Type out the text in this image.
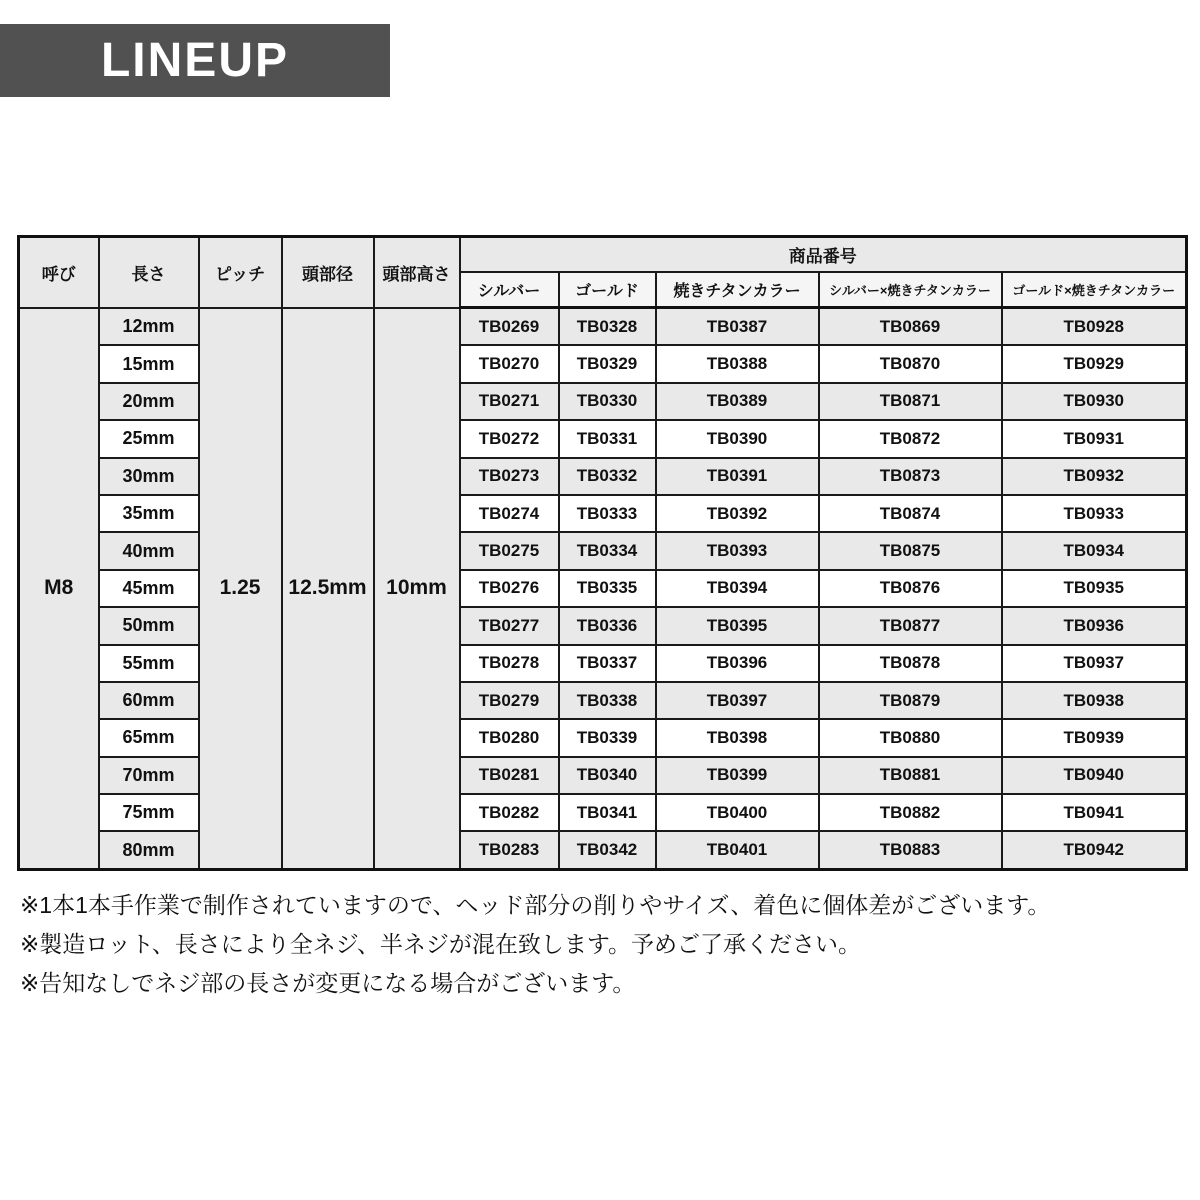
LINEUP
呼び	長さ	ピッチ	頭部径	頭部高さ	商品番号				
					シルバー	ゴールド	焼きチタンカラー	シルバー×焼きチタンカラー	ゴールド×焼きチタンカラー
M8	12mm	1.25	12.5mm	10mm	TB0269	TB0328	TB0387	TB0869	TB0928
	15mm				TB0270	TB0329	TB0388	TB0870	TB0929
	20mm				TB0271	TB0330	TB0389	TB0871	TB0930
	25mm				TB0272	TB0331	TB0390	TB0872	TB0931
	30mm				TB0273	TB0332	TB0391	TB0873	TB0932
	35mm				TB0274	TB0333	TB0392	TB0874	TB0933
	40mm				TB0275	TB0334	TB0393	TB0875	TB0934
	45mm				TB0276	TB0335	TB0394	TB0876	TB0935
	50mm				TB0277	TB0336	TB0395	TB0877	TB0936
	55mm				TB0278	TB0337	TB0396	TB0878	TB0937
	60mm				TB0279	TB0338	TB0397	TB0879	TB0938
	65mm				TB0280	TB0339	TB0398	TB0880	TB0939
	70mm				TB0281	TB0340	TB0399	TB0881	TB0940
	75mm				TB0282	TB0341	TB0400	TB0882	TB0941
	80mm				TB0283	TB0342	TB0401	TB0883	TB0942
※1本1本手作業で制作されていますので、ヘッド部分の削りやサイズ、着色に個体差がございます。
※製造ロット、長さにより全ネジ、半ネジが混在致します。予めご了承ください。
※告知なしでネジ部の長さが変更になる場合がございます。
